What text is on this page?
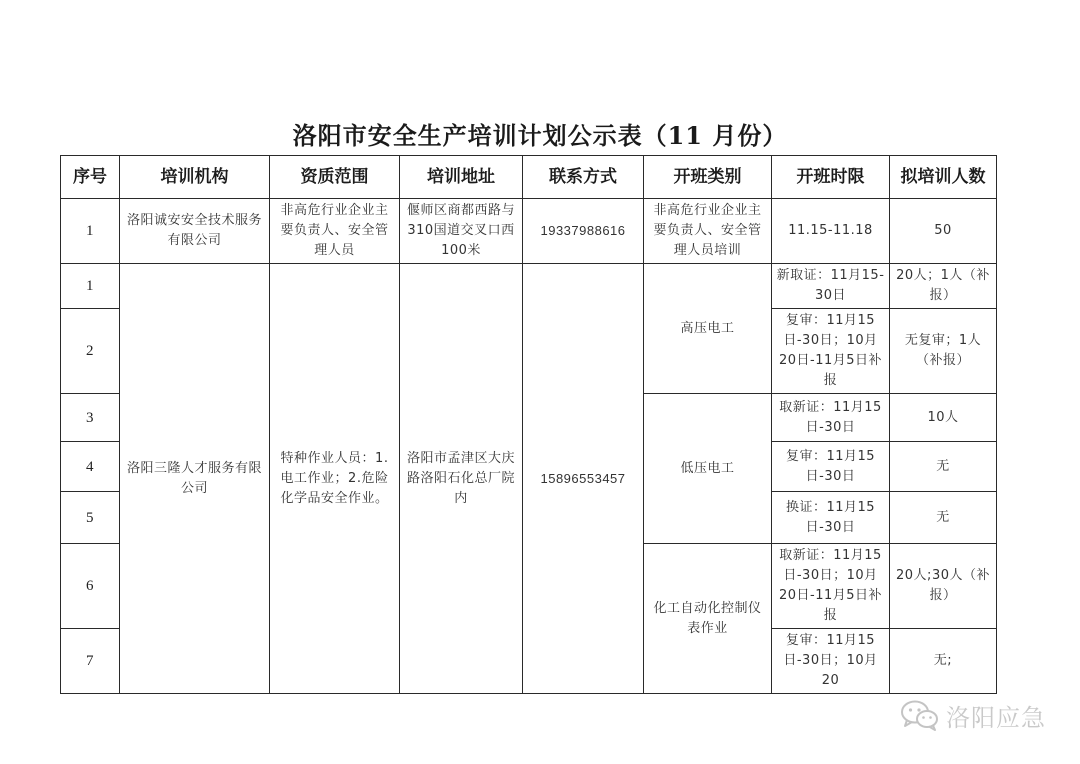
洛阳市安全生产培训计划公示表（11 月份）
序号	培训机构	资质范围	培训地址	联系方式	开班类别	开班时限	拟培训人数
1	洛阳诚安安全技术服务有限公司	非高危行业企业主要负责人、安全管理人员	偃师区商都西路与310国道交叉口西100米	19337988616	非高危行业企业主要负责人、安全管理人员培训	11.15-11.18	50
1	洛阳三隆人才服务有限公司	特种作业人员：1.电工作业；2.危险化学品安全作业。	洛阳市孟津区大庆路洛阳石化总厂院内	15896553457	高压电工	新取证：11月15-30日	20人；1人（补报）
2						复审：11月15日-30日；10月20日-11月5日补报	无复审；1人（补报）
3					低压电工	取新证：11月15日-30日	10人
4						复审：11月15日-30日	无
5						换证：11月15日-30日	无
6					化工自动化控制仪表作业	取新证：11月15日-30日；10月20日-11月5日补报	20人;30人（补报）
7						复审：11月15日-30日；10月20	无;
洛阳应急
